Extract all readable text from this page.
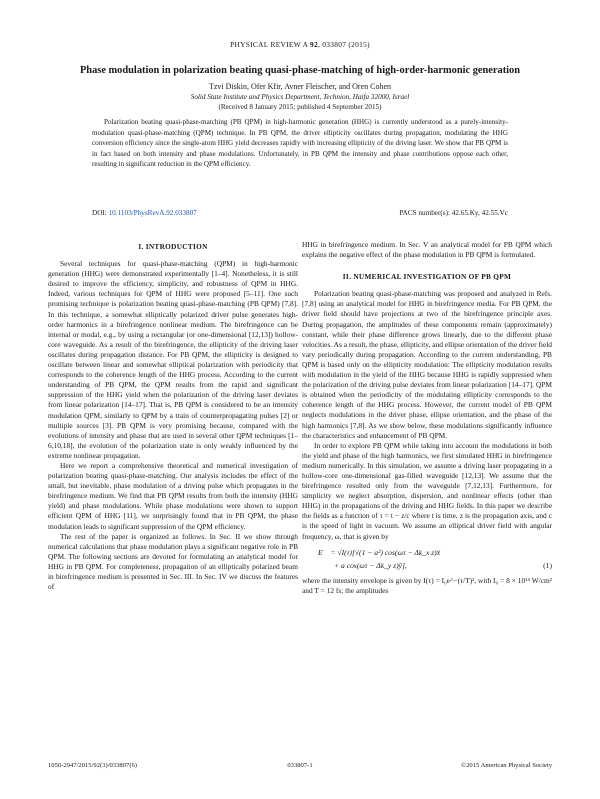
PHYSICAL REVIEW A 92, 033807 (2015)
Phase modulation in polarization beating quasi-phase-matching of high-order-harmonic generation
Tzvi Diskin, Ofer Kfir, Avner Fleischer, and Oren Cohen
Solid State Institute and Physics Department, Technion, Haifa 32000, Israel
(Received 8 January 2015; published 4 September 2015)
Polarization beating quasi-phase-matching (PB QPM) in high-harmonic generation (HHG) is currently understood as a purely-intensity-modulation quasi-phase-matching (QPM) technique. In PB QPM, the driver ellipticity oscillates during propagation, modulating the HHG conversion efficiency since the single-atom HHG yield decreases rapidly with increasing ellipticity of the driving laser. We show that PB QPM is in fact based on both intensity and phase modulations. Unfortunately, in PB QPM the intensity and phase contributions oppose each other, resulting in significant reduction in the QPM efficiency.
DOI: 10.1103/PhysRevA.92.033807	PACS number(s): 42.65.Ky, 42.55.Vc
I. INTRODUCTION

Several techniques for quasi-phase-matching (QPM) in high-harmonic generation (HHG) were demonstrated experimentally [1–4]. Nonetheless, it is still desired to improve the efficiency, simplicity, and robustness of QPM in HHG. Indeed, various techniques for QPM of HHG were proposed [5–11]. One such promising technique is polarization beating quasi-phase-matching (PB QPM) [7,8]. In this technique, a somewhat elliptically polarized driver pulse generates high-order harmonics in a birefringence nonlinear medium. The birefringence can be internal or modal, e.g., by using a rectangular (or one-dimensional [12,13]) hollow-core waveguide. As a result of the birefringence, the ellipticity of the driving laser oscillates during propagation distance. For PB QPM, the ellipticity is designed to oscillate between linear and somewhat elliptical polarization with periodicity that corresponds to the coherence length of the HHG process. According to the current understanding of PB QPM, the QPM results from the rapid and significant suppression of the HHG yield when the polarization of the driving laser deviates from linear polarization [14–17]. That is, PB QPM is considered to be an intensity modulation QPM, similarly to QPM by a train of counterpropagating pulses [2] or multiple sources [3]. PB QPM is very promising because, compared with the evolutions of intensity and phase that are used in several other QPM techniques [1–6,10,18], the evolution of the polarization state is only weakly influenced by the extreme nonlinear propagation.

Here we report a comprehensive theoretical and numerical investigation of polarization beating quasi-phase-matching. Our analysis includes the effect of the small, but inevitable, phase modulation of a driving pulse which propagates in the birefringence medium. We find that PB QPM results from both the intensity (HHG yield) and phase modulations. While phase modulations were shown to support efficient QPM of HHG [11], we surprisingly found that in PB QPM, the phase modulation leads to significant suppression of the QPM efficiency.

The rest of the paper is organized as follows. In Sec. II we show through numerical calculations that phase modulation plays a significant negative role in PB QPM. The following sections are devoted for formulating an analytical model for HHG in PB QPM. For completeness, propagation of an elliptically polarized beam in birefringence medium is presented in Sec. III. In Sec. IV we discuss the features of

HHG in birefringence medium. In Sec. V an analytical model for PB QPM which explains the negative effect of the phase modulation in PB QPM is formulated.

II. NUMERICAL INVESTIGATION OF PB QPM

Polarization beating quasi-phase-matching was proposed and analyzed in Refs. [7,8] using an analytical model for HHG in birefringence media. For PB QPM, the driver field should have projections at two of the birefringence principle axes. During propagation, the amplitudes of these components remain (approximately) constant, while their phase difference grows linearly, due to the different phase velocities. As a result, the phase, ellipticity, and ellipse orientation of the driver field vary periodically during propagation. According to the current understanding, PB QPM is based only on the ellipticity modulation: The ellipticity modulation results with modulation in the yield of the HHG because HHG is rapidly suppressed when the polarization of the driving pulse deviates from linear polarization [14–17]. QPM is obtained when the periodicity of the modulating ellipticity corresponds to the coherence length of the HHG process. However, the current model of PB QPM neglects modulations in the driver phase, ellipse orientation, and the phase of the high harmonics [7,8]. As we show below, these modulations significantly influence the characteristics and enhancement of PB QPM.

In order to explore PB QPM while taking into account the modulations in both the yield and phase of the high harmonics, we first simulated HHG in birefringence medium numerically. In this simulation, we assume a driving laser propagating in a hollow-core one-dimensional gas-filled waveguide [12,13]. We assume that the birefringence resulted only from the waveguide [7,12,13]. Furthermore, for simplicity we neglect absorption, dispersion, and nonlinear effects (other than HHG) in the propagations of the driving and HHG fields. In this paper we describe the fields as a function of τ = t − z/c where t is time, z is the propagation axis, and c is the speed of light in vacuum. We assume an elliptical driver field with angular frequency, ω, that is given by

E⃗ = √I(τ)[√(1 − a²) cos(ωτ − Δk_x z)x̂
+ a cos(ωτ − Δk_y z)ŷ],	(1)

where the intensity envelope is given by I(τ) = I₀e^−(τ/T)², with I₀ = 8 × 10¹⁴ W/cm² and T = 12 fs; the amplitudes

1050-2947/2015/92(3)/033807(6)	033807-1	©2015 American Physical Society
